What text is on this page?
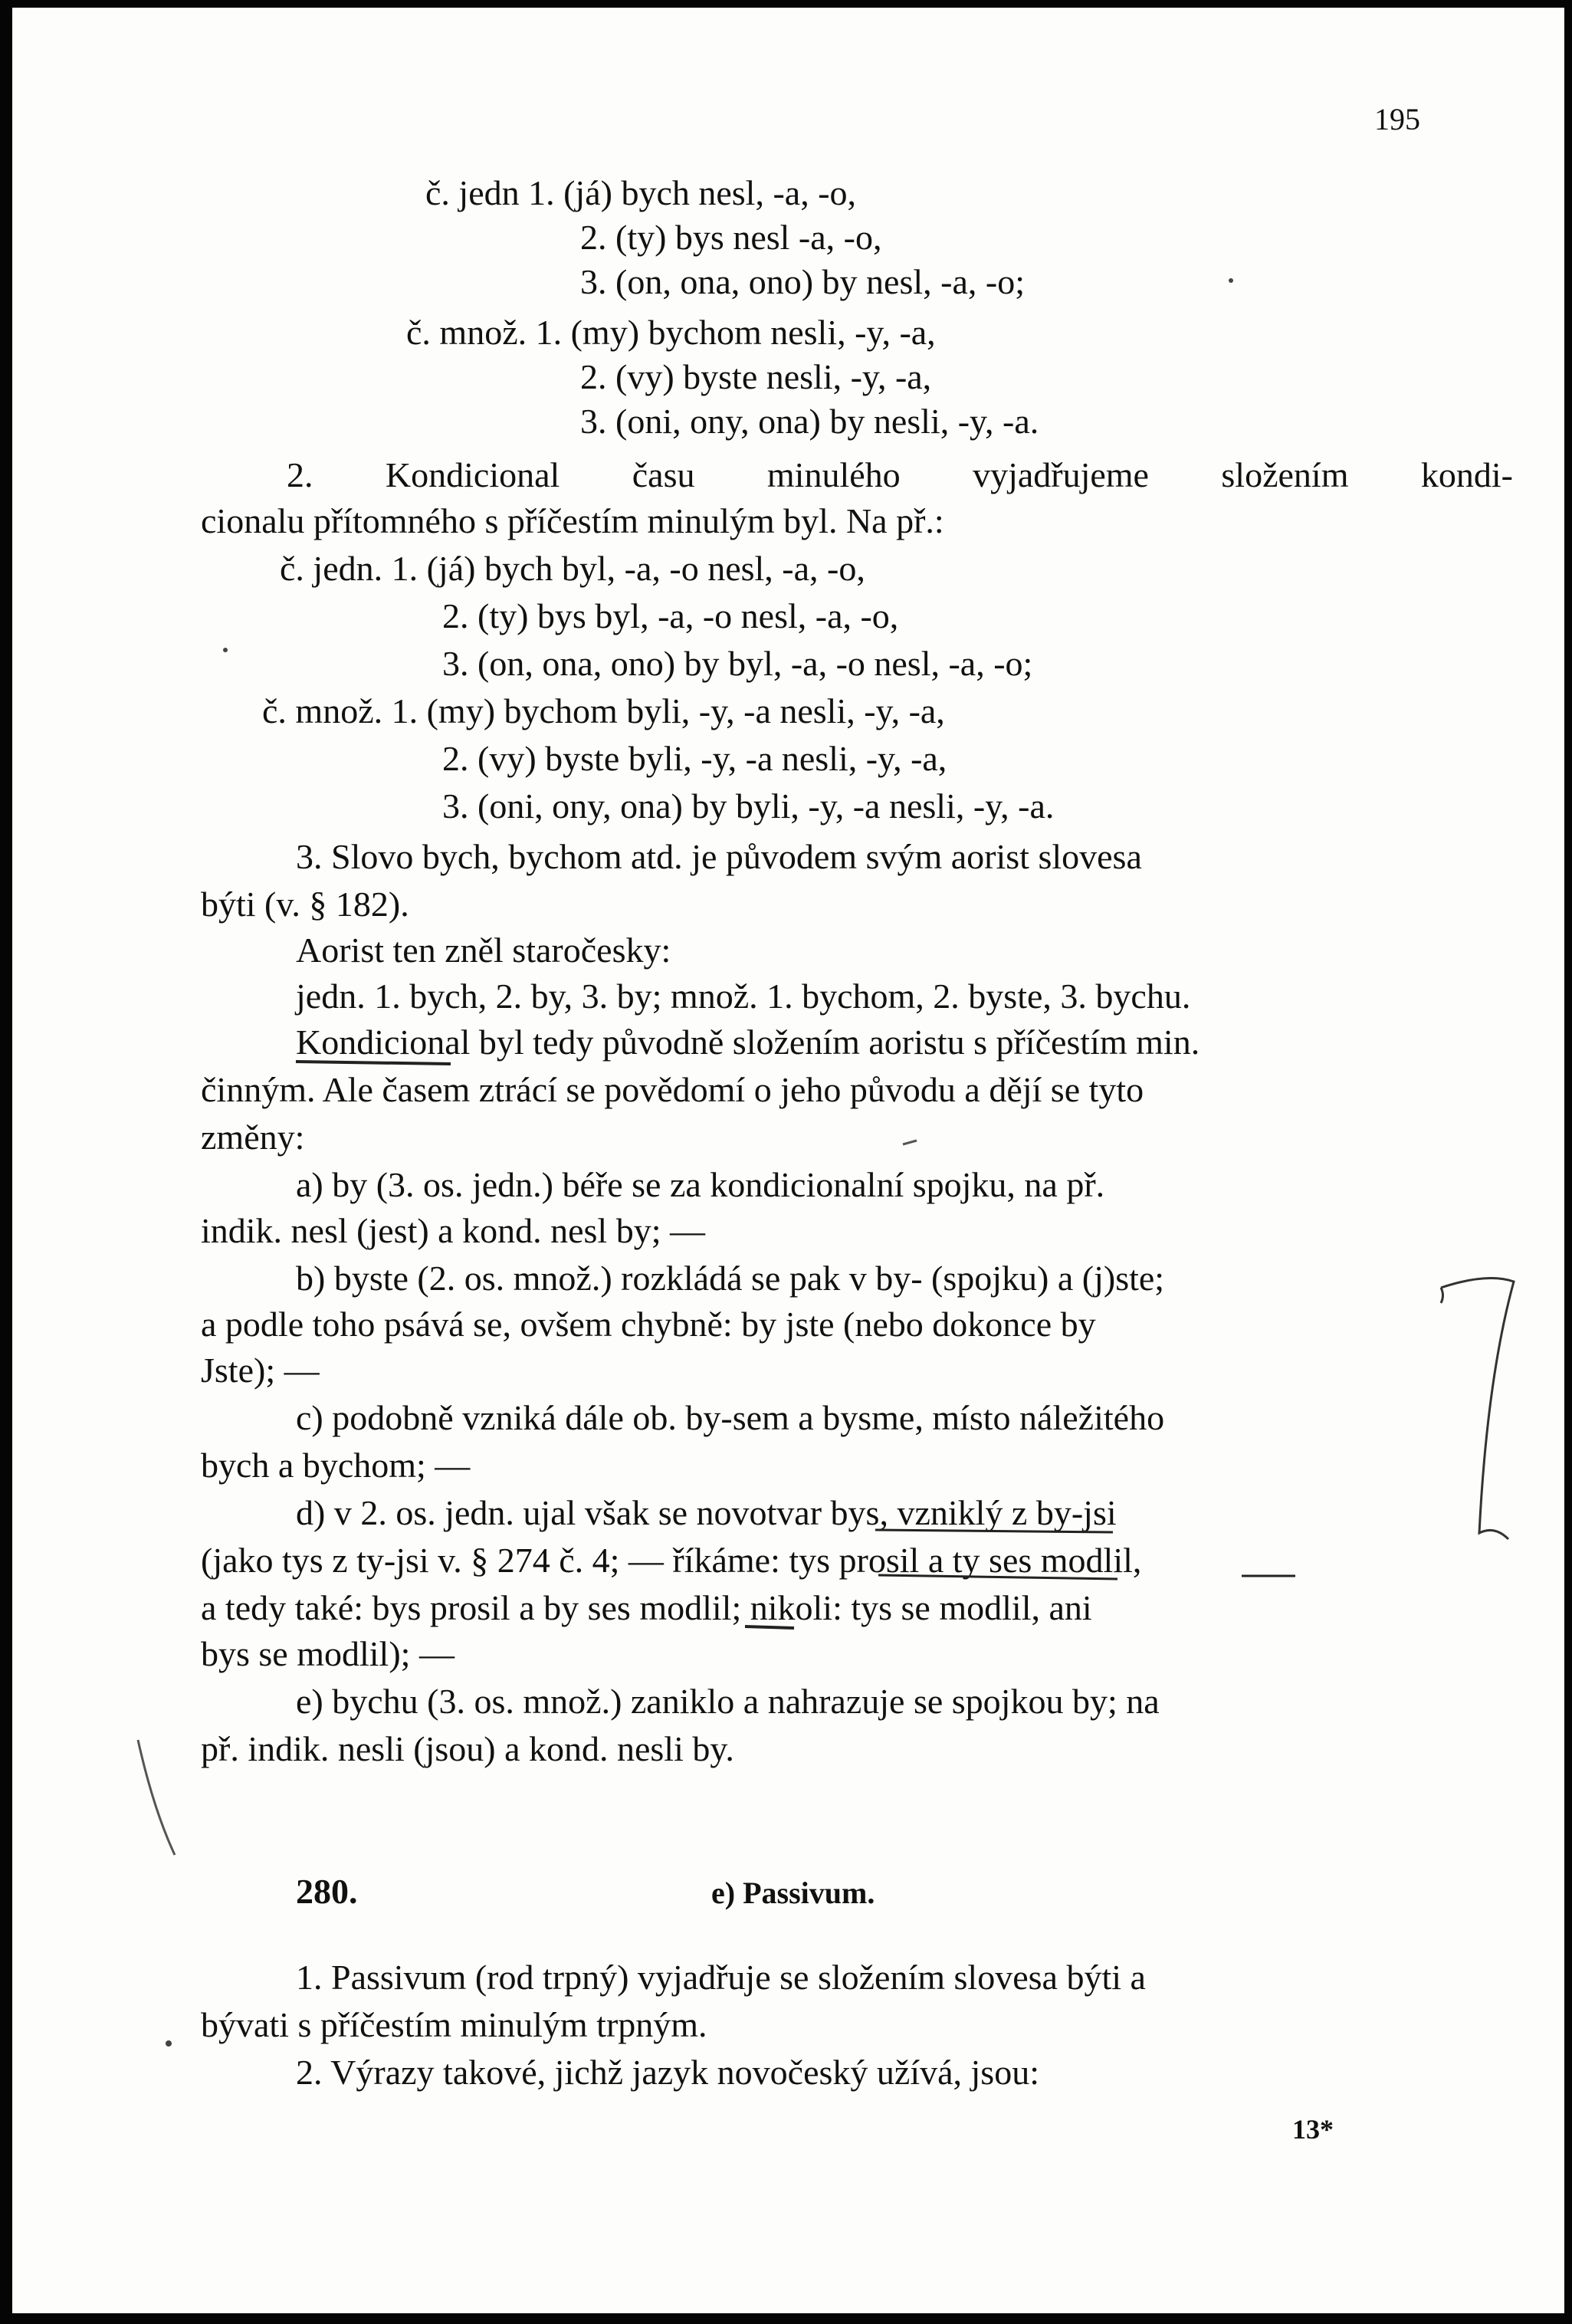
195
č. jedn 1. (já) bych nesl, -a, -o,
2. (ty) bys nesl -a, -o,
3. (on, ona, ono) by nesl, -a, -o;
č. množ. 1. (my) bychom nesli, -y, -a,
2. (vy) byste nesli, -y, -a,
3. (oni, ony, ona) by nesli, -y, -a.
2. Kondicional času minulého vyjadřujeme složením kondi-
cionalu přítomného s příčestím minulým byl. Na př.:
č. jedn. 1. (já) bych byl, -a, -o nesl, -a, -o,
2. (ty) bys byl, -a, -o nesl, -a, -o,
3. (on, ona, ono) by byl, -a, -o nesl, -a, -o;
č. množ. 1. (my) bychom byli, -y, -a nesli, -y, -a,
2. (vy) byste byli, -y, -a nesli, -y, -a,
3. (oni, ony, ona) by byli, -y, -a nesli, -y, -a.
3. Slovo bych, bychom atd. je původem svým aorist slovesa
býti (v. § 182).
Aorist ten zněl staročesky:
jedn. 1. bych, 2. by, 3. by; množ. 1. bychom, 2. byste, 3. bychu.
Kondicional byl tedy původně složením aoristu s příčestím min.
činným. Ale časem ztrácí se povědomí o jeho původu a dějí se tyto
změny:
a) by (3. os. jedn.) béře se za kondicionalní spojku, na př.
indik. nesl (jest) a kond. nesl by; —
b) byste (2. os. množ.) rozkládá se pak v by- (spojku) a (j)ste;
a podle toho psává se, ovšem chybně: by jste (nebo dokonce by
Jste); —
c) podobně vzniká dále ob. by-sem a bysme, místo náležitého
bych a bychom; —
d) v 2. os. jedn. ujal však se novotvar bys, vzniklý z by-jsi
(jako tys z ty-jsi v. § 274 č. 4; — říkáme: tys prosil a ty ses modlil,
a tedy také: bys prosil a by ses modlil; nikoli: tys se modlil, ani
bys se modlil); —
e) bychu (3. os. množ.) zaniklo a nahrazuje se spojkou by; na
př. indik. nesli (jsou) a kond. nesli by.
280.	e) Passivum.
1. Passivum (rod trpný) vyjadřuje se složením slovesa býti a
bývati s příčestím minulým trpným.
2. Výrazy takové, jichž jazyk novočeský užívá, jsou:
13*
